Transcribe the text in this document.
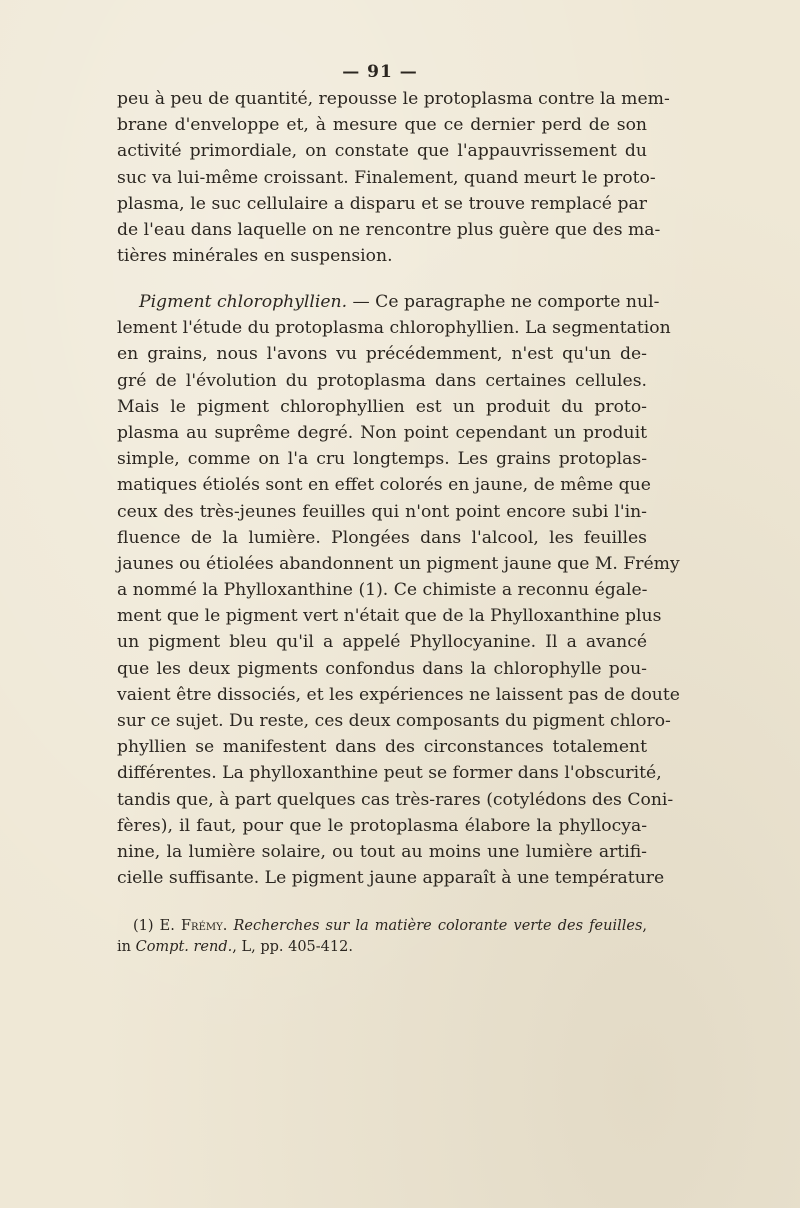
— 91 —
peu à peu de quantité, repousse le protoplasma contre la mem-
brane d'enveloppe et, à mesure que ce dernier perd de son
activité primordiale, on constate que l'appauvrissement du
suc va lui-même croissant. Finalement, quand meurt le proto-
plasma, le suc cellulaire a disparu et se trouve remplacé par
de l'eau dans laquelle on ne rencontre plus guère que des ma-
tières minérales en suspension.
Pigment chlorophyllien. — Ce paragraphe ne comporte nul-
lement l'étude du protoplasma chlorophyllien. La segmentation
en grains, nous l'avons vu précédemment, n'est qu'un de-
gré de l'évolution du protoplasma dans certaines cellules.
Mais le pigment chlorophyllien est un produit du proto-
plasma au suprême degré. Non point cependant un produit
simple, comme on l'a cru longtemps. Les grains protoplas-
matiques étiolés sont en effet colorés en jaune, de même que
ceux des très-jeunes feuilles qui n'ont point encore subi l'in-
fluence de la lumière. Plongées dans l'alcool, les feuilles
jaunes ou étiolées abandonnent un pigment jaune que M. Frémy
a nommé la Phylloxanthine (1). Ce chimiste a reconnu égale-
ment que le pigment vert n'était que de la Phylloxanthine plus
un pigment bleu qu'il a appelé Phyllocyanine. Il a avancé
que les deux pigments confondus dans la chlorophylle pou-
vaient être dissociés, et les expériences ne laissent pas de doute
sur ce sujet. Du reste, ces deux composants du pigment chloro-
phyllien se manifestent dans des circonstances totalement
différentes. La phylloxanthine peut se former dans l'obscurité,
tandis que, à part quelques cas très-rares (cotylédons des Coni-
fères), il faut, pour que le protoplasma élabore la phyllocya-
nine, la lumière solaire, ou tout au moins une lumière artifi-
cielle suffisante. Le pigment jaune apparaît à une température
(1) E. Frémy. Recherches sur la matière colorante verte des feuilles,
in Compt. rend., L, pp. 405-412.
